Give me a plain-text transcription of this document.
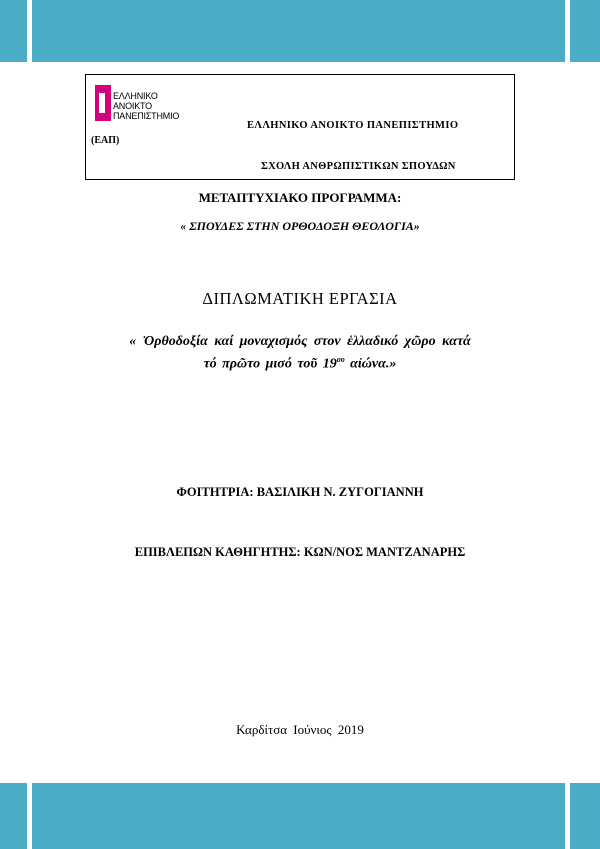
ΕΛΛΗΝΙΚΟ
ΑΝΟΙΚΤΟ
ΠΑΝΕΠΙΣΤΗΜΙΟ
(ΕΑΠ)
ΕΛΛΗΝΙΚΟ ΑΝΟΙΚΤΟ ΠΑΝΕΠΙΣΤΗΜΙΟ
ΣΧΟΛΗ ΑΝΘΡΩΠΙΣΤΙΚΩΝ ΣΠΟΥΔΩΝ
ΜΕΤΑΠΤΥΧΙΑΚΟ ΠΡΟΓΡΑΜΜΑ:
« ΣΠΟΥΔΕΣ ΣΤΗΝ ΟΡΘΟΔΟΞΗ ΘΕΟΛΟΓΙΑ»
ΔΙΠΛΩΜΑΤΙΚΗ ΕΡΓΑΣΙΑ
« Ὀρθοδοξία καί μοναχισμός στον ἑλλαδικό χῶρο κατά
τό πρῶτο μισό τοῦ $19^{o\upsilon}$ αἰώνα.»
ΦΟΙΤΗΤΡΙΑ: ΒΑΣΙΛΙΚΗ Ν. ΖΥΓΟΓΙΑΝΝΗ
ΕΠΙΒΛΕΠΩΝ ΚΑΘΗΓΗΤΗΣ: ΚΩΝ/ΝΟΣ ΜΑΝΤΖΑΝΑΡΗΣ
Καρδίτσα Ιούνιος 2019
